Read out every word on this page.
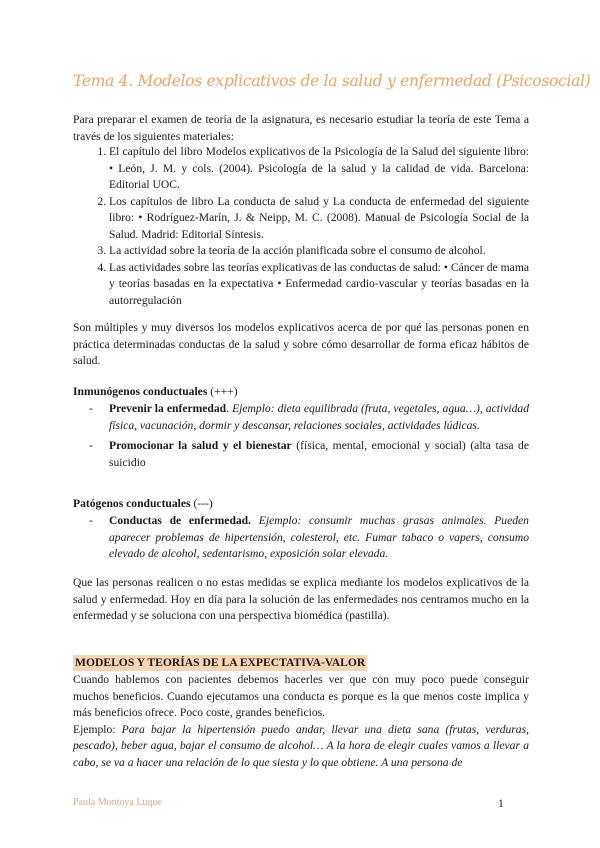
Tema 4. Modelos explicativos de la salud y enfermedad (Psicosocial)
Para preparar el examen de teoría de la asignatura, es necesario estudiar la teoría de este Tema a través de los siguientes materiales:
1. El capítulo del libro Modelos explicativos de la Psicología de la Salud del siguiente libro: • León, J. M. y cols. (2004). Psicología de la salud y la calidad de vida. Barcelona: Editorial UOC.
2. Los capítulos de libro La conducta de salud y La conducta de enfermedad del siguiente libro: • Rodríguez-Marín, J. & Neipp, M. C. (2008). Manual de Psicología Social de la Salud. Madrid: Editorial Síntesis.
3. La actividad sobre la teoría de la acción planificada sobre el consumo de alcohol.
4. Las actividades sobre las teorías explicativas de las conductas de salud: • Cáncer de mama y teorías basadas en la expectativa • Enfermedad cardio-vascular y teorías basadas en la autorregulación
Son múltiples y muy diversos los modelos explicativos acerca de por qué las personas ponen en práctica determinadas conductas de la salud y sobre cómo desarrollar de forma eficaz hábitos de salud.
Inmunógenos conductuales (+++)
- Prevenir la enfermedad. Ejemplo: dieta equilibrada (fruta, vegetales, agua…), actividad física, vacunación, dormir y descansar, relaciones sociales, actividades lúdicas.
- Promocionar la salud y el bienestar (física, mental, emocional y social) (alta tasa de suicidio
Patógenos conductuales (---)
- Conductas de enfermedad. Ejemplo: consumir muchas grasas animales. Pueden aparecer problemas de hipertensión, colesterol, etc. Fumar tabaco o vapers, consumo elevado de alcohol, sedentarismo, exposición solar elevada.
Que las personas realicen o no estas medidas se explica mediante los modelos explicativos de la salud y enfermedad. Hoy en día para la solución de las enfermedades nos centramos mucho en la enfermedad y se soluciona con una perspectiva biomédica (pastilla).
MODELOS Y TEORÍAS DE LA EXPECTATIVA-VALOR
Cuando hablemos con pacientes debemos hacerles ver que con muy poco puede conseguir muchos beneficios. Cuando ejecutamos una conducta es porque es la que menos coste implica y más beneficios ofrece. Poco coste, grandes beneficios.
Ejemplo: Para bajar la hipertensión puedo andar, llevar una dieta sana (frutas, verduras, pescado), beber agua, bajar el consumo de alcohol… A la hora de elegir cuales vamos a llevar a cabo, se va a hacer una relación de lo que siesta y lo que obtiene. A una persona de
Paula Montoya Luque	1
